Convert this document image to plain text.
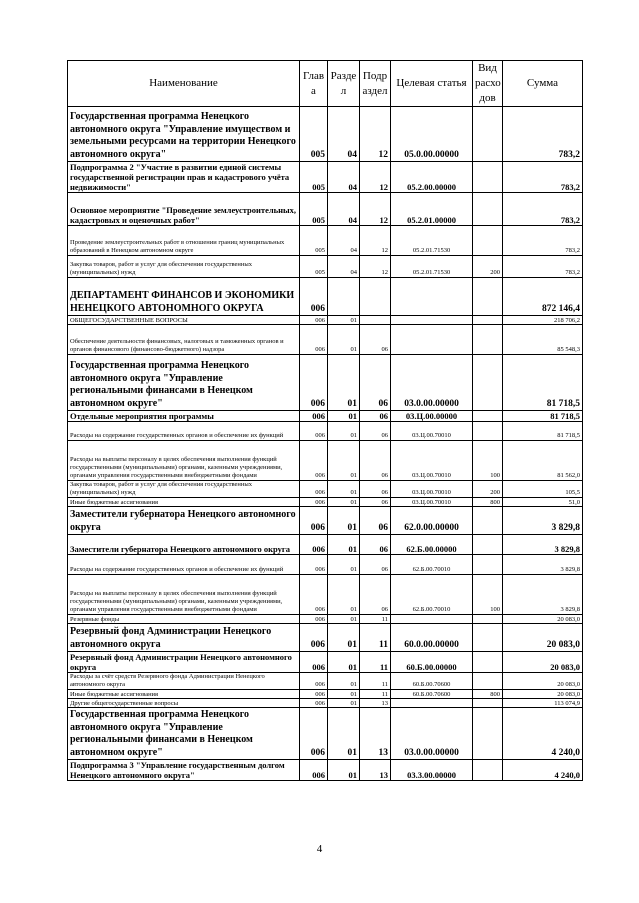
Наименование	Глав а	Разде л	Подр аздел	Целевая статья	Вид расхо дов	Сумма
Государственная программа Ненецкого автономного округа "Управление имуществом и земельными ресурсами на территории Ненецкого автономного округа"	005	04	12	05.0.00.00000		783,2
Подпрограмма 2 "Участие в развитии единой системы государственной регистрации прав и кадастрового учёта недвижимости"	005	04	12	05.2.00.00000		783,2
Основное мероприятие "Проведение землеустроительных, кадастровых и оценочных работ"	005	04	12	05.2.01.00000		783,2
Проведение землеустроительных работ в отношении границ муниципальных образований в Ненецком автономном округе	005	04	12	05.2.01.71530		783,2
Закупка товаров, работ и услуг для обеспечения государственных (муниципальных) нужд	005	04	12	05.2.01.71530	200	783,2
ДЕПАРТАМЕНТ ФИНАНСОВ И ЭКОНОМИКИ НЕНЕЦКОГО АВТОНОМНОГО ОКРУГА	006					872 146,4
ОБЩЕГОСУДАРСТВЕННЫЕ ВОПРОСЫ	006	01				218 706,2
Обеспечение деятельности финансовых, налоговых и таможенных органов и органов финансового (финансово-бюджетного) надзора	006	01	06			85 548,3
Государственная программа Ненецкого автономного округа "Управление региональными финансами в Ненецком автономном округе"	006	01	06	03.0.00.00000		81 718,5
Отдельные мероприятия программы	006	01	06	03.Ц.00.00000		81 718,5
Расходы на содержание государственных органов и обеспечение их функций	006	01	06	03.Ц.00.70010		81 718,5
Расходы на выплаты персоналу в целях обеспечения выполнения функций государственными (муниципальными) органами, казенными учреждениями, органами управления государственными внебюджетными фондами	006	01	06	03.Ц.00.70010	100	81 562,0
Закупка товаров, работ и услуг для обеспечения государственных (муниципальных) нужд	006	01	06	03.Ц.00.70010	200	105,5
Иные бюджетные ассигнования	006	01	06	03.Ц.00.70010	800	51,0
Заместители губернатора Ненецкого автономного округа	006	01	06	62.0.00.00000		3 829,8
Заместители губернатора Ненецкого автономного округа	006	01	06	62.Б.00.00000		3 829,8
Расходы на содержание государственных органов и обеспечение их функций	006	01	06	62.Б.00.70010		3 829,8
Расходы на выплаты персоналу в целях обеспечения выполнения функций государственными (муниципальными) органами, казенными учреждениями, органами управления государственными внебюджетными фондами	006	01	06	62.Б.00.70010	100	3 829,8
Резервные фонды	006	01	11			20 083,0
Резервный фонд Администрации Ненецкого автономного округа	006	01	11	60.0.00.00000		20 083,0
Резервный фонд Администрации Ненецкого автономного округа	006	01	11	60.Б.00.00000		20 083,0
Расходы за счёт средств Резервного фонда Администрации Ненецкого автономного округа	006	01	11	60.Б.00.70600		20 083,0
Иные бюджетные ассигнования	006	01	11	60.Б.00.70600	800	20 083,0
Другие общегосударственные вопросы	006	01	13			113 074,9
Государственная программа Ненецкого автономного округа "Управление региональными финансами в Ненецком автономном округе"	006	01	13	03.0.00.00000		4 240,0
Подпрограмма 3 "Управление государственным долгом Ненецкого автономного округа"	006	01	13	03.3.00.00000		4 240,0
4
